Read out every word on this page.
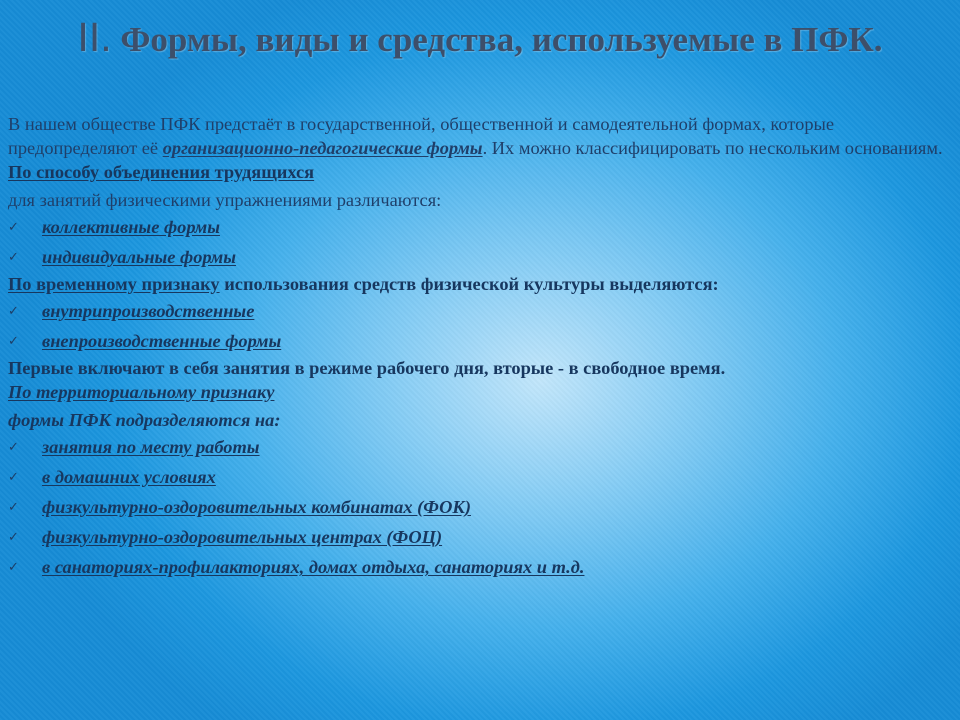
II. Формы, виды и средства, используемые в ПФК.

В нашем обществе ПФК предстаёт в государственной, общественной и самодеятельной формах, которые предопределяют её организационно-педагогические формы. Их можно классифицировать по нескольким основаниям.

По способу объединения трудящихся

для занятий физическими упражнениями различаются:

✓ коллективные формы

✓ индивидуальные формы

По временному признаку использования средств физической культуры выделяются:

✓ внутрипроизводственные

✓ внепроизводственные формы

Первые включают в себя занятия в режиме рабочего дня, вторые - в свободное время.

По территориальному признаку

формы ПФК подразделяются на:

✓ занятия по месту работы

✓ в домашних условиях

✓ физкультурно-оздоровительных комбинатах (ФОК)

✓ физкультурно-оздоровительных центрах (ФОЦ)

✓ в санаториях-профилакториях, домах отдыха, санаториях и т.д.
